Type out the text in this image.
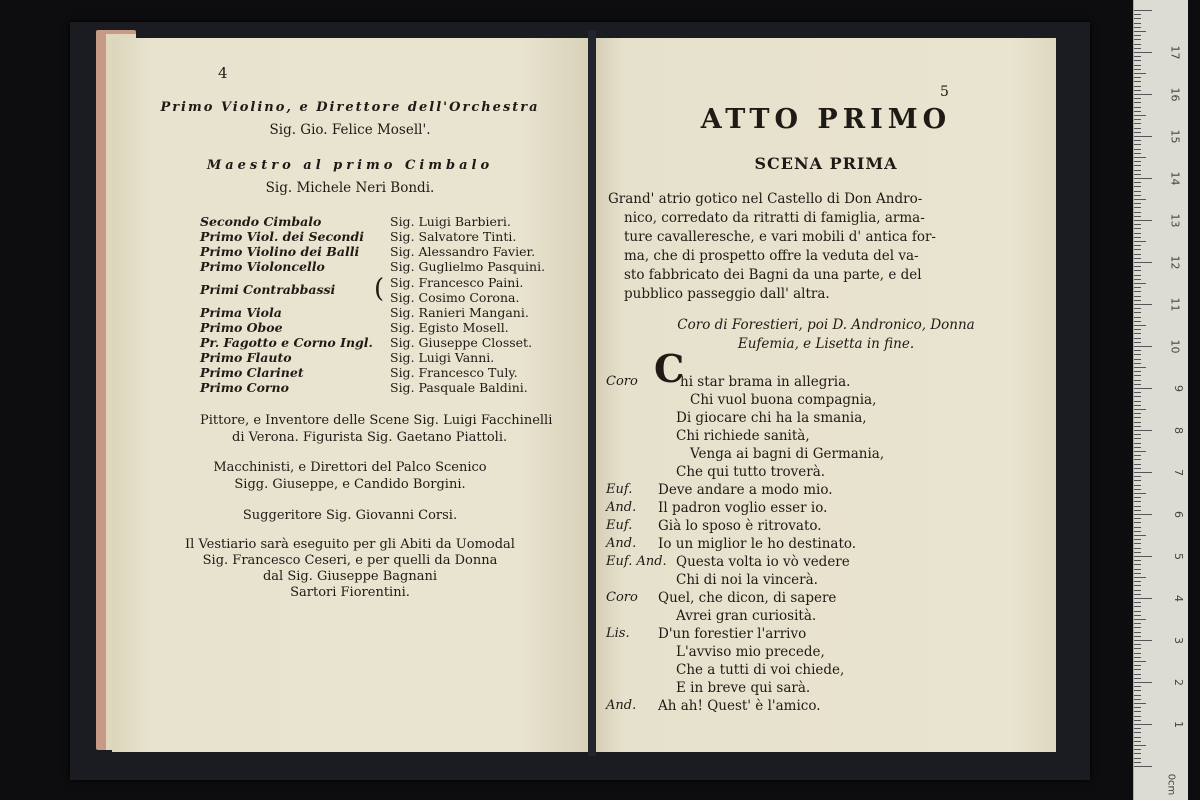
4
Primo Violino, e Direttore dell'Orchestra
Sig. Gio. Felice Mosell'.
Maestro al primo Cimbalo
Sig. Michele Neri Bondi.
Secondo Cimbalo	Sig. Luigi Barbieri.
Primo Viol. dei Secondi Sig. Salvatore Tinti.
Primo Violino dei Balli Sig. Alessandro Favier.
Primo Violoncello	Sig. Guglielmo Pasquini.
Primi Contrabbassi ( Sig. Francesco Paini.
Sig. Cosimo Corona.
Prima Viola	Sig. Ranieri Mangani.
Primo Oboe	Sig. Egisto Mosell.
Pr. Fagotto e Corno Ingl. Sig. Giuseppe Closset.
Primo Flauto	Sig. Luigi Vanni.
Primo Clarinet	Sig. Francesco Tuly.
Primo Corno	Sig. Pasquale Baldini.
Pittore, e Inventore delle Scene Sig. Luigi Facchinelli
di Verona. Figurista Sig. Gaetano Piattoli.
Macchinisti, e Direttori del Palco Scenico
Sigg. Giuseppe, e Candido Borgini.
Suggeritore Sig. Giovanni Corsi.
Il Vestiario sarà eseguito per gli Abiti da Uomodal
Sig. Francesco Ceseri, e per quelli da Donna
dal Sig. Giuseppe Bagnani
Sartori Fiorentini.
5
ATTO PRIMO
SCENA PRIMA
Grand' atrio gotico nel Castello di Don Andro-
nico, corredato da ritratti di famiglia, arma-
ture cavalleresche, e vari mobili d' antica for-
ma, che di prospetto offre la veduta del va-
sto fabbricato dei Bagni da una parte, e del
pubblico passeggio dall' altra.
Coro di Forestieri, poi D. Andronico, Donna
Eufemia, e Lisetta in fine.
C
Coro	hi star brama in allegria.
Chi vuol buona compagnia,
Di giocare chi ha la smania,
Chi richiede sanità,
Venga ai bagni di Germania,
Che qui tutto troverà.
Euf. Deve andare a modo mio.
And. Il padron voglio esser io.
Euf. Già lo sposo è ritrovato.
And. Io un miglior le ho destinato.
Euf. And. Questa volta io vò vedere
Chi di noi la vincerà.
Coro Quel, che dicon, di sapere
Avrei gran curiosità.
Lis. D'un forestier l'arrivo
L'avviso mio precede,
Che a tutti di voi chiede,
E in breve qui sarà.
And. Ah ah! Quest' è l'amico.
0cm
1
2
3
4
5
6
7
8
9
10
11
12
13
14
15
16
17
